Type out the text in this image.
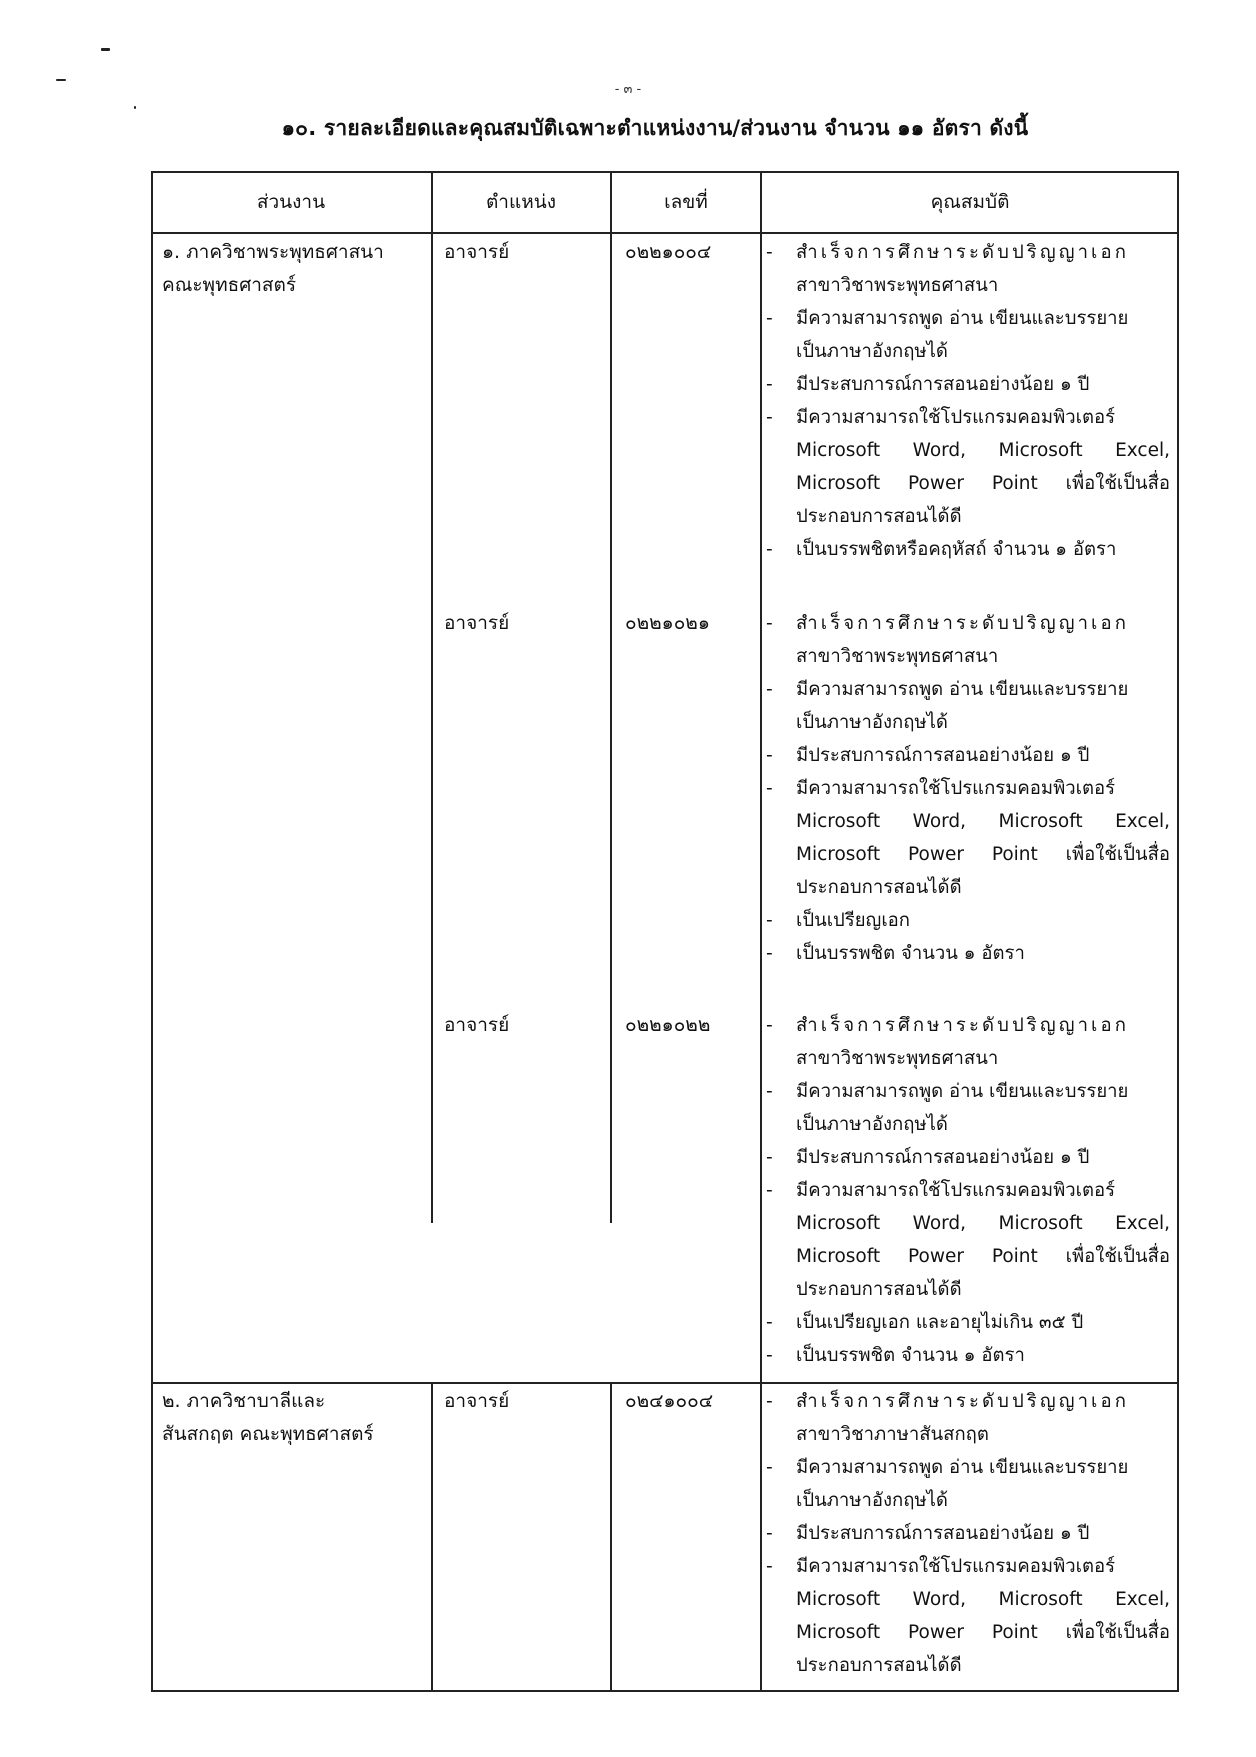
- ๓ -
๑๐. รายละเอียดและคุณสมบัติเฉพาะตำแหน่งงาน/ส่วนงาน จำนวน ๑๑ อัตรา ดังนี้
ส่วนงาน	ตำแหน่ง	เลขที่	คุณสมบัติ
๑. ภาควิชาพระพุทธศาสนา
คณะพุทธศาสตร์
อาจารย์	๐๒๒๑๐๐๔	- สำเร็จการศึกษาระดับปริญญาเอก
สาขาวิชาพระพุทธศาสนา
- มีความสามารถพูด อ่าน เขียนและบรรยาย
เป็นภาษาอังกฤษได้
- มีประสบการณ์การสอนอย่างน้อย ๑ ปี
- มีความสามารถใช้โปรแกรมคอมพิวเตอร์
Microsoft Word, Microsoft Excel,
Microsoft Power Point เพื่อใช้เป็นสื่อ
ประกอบการสอนได้ดี
- เป็นบรรพชิตหรือคฤหัสถ์ จำนวน ๑ อัตรา
อาจารย์	๐๒๒๑๐๒๑	- สำเร็จการศึกษาระดับปริญญาเอก
สาขาวิชาพระพุทธศาสนา
- มีความสามารถพูด อ่าน เขียนและบรรยาย
เป็นภาษาอังกฤษได้
- มีประสบการณ์การสอนอย่างน้อย ๑ ปี
- มีความสามารถใช้โปรแกรมคอมพิวเตอร์
Microsoft Word, Microsoft Excel,
Microsoft Power Point เพื่อใช้เป็นสื่อ
ประกอบการสอนได้ดี
- เป็นเปรียญเอก
- เป็นบรรพชิต จำนวน ๑ อัตรา
อาจารย์	๐๒๒๑๐๒๒	- สำเร็จการศึกษาระดับปริญญาเอก
สาขาวิชาพระพุทธศาสนา
- มีความสามารถพูด อ่าน เขียนและบรรยาย
เป็นภาษาอังกฤษได้
- มีประสบการณ์การสอนอย่างน้อย ๑ ปี
- มีความสามารถใช้โปรแกรมคอมพิวเตอร์
Microsoft Word, Microsoft Excel,
Microsoft Power Point เพื่อใช้เป็นสื่อ
ประกอบการสอนได้ดี
- เป็นเปรียญเอก และอายุไม่เกิน ๓๕ ปี
- เป็นบรรพชิต จำนวน ๑ อัตรา
๒. ภาควิชาบาลีและ
สันสกฤต คณะพุทธศาสตร์
อาจารย์	๐๒๔๑๐๐๔	- สำเร็จการศึกษาระดับปริญญาเอก
สาขาวิชาภาษาสันสกฤต
- มีความสามารถพูด อ่าน เขียนและบรรยาย
เป็นภาษาอังกฤษได้
- มีประสบการณ์การสอนอย่างน้อย ๑ ปี
- มีความสามารถใช้โปรแกรมคอมพิวเตอร์
Microsoft Word, Microsoft Excel,
Microsoft Power Point เพื่อใช้เป็นสื่อ
ประกอบการสอนได้ดี
